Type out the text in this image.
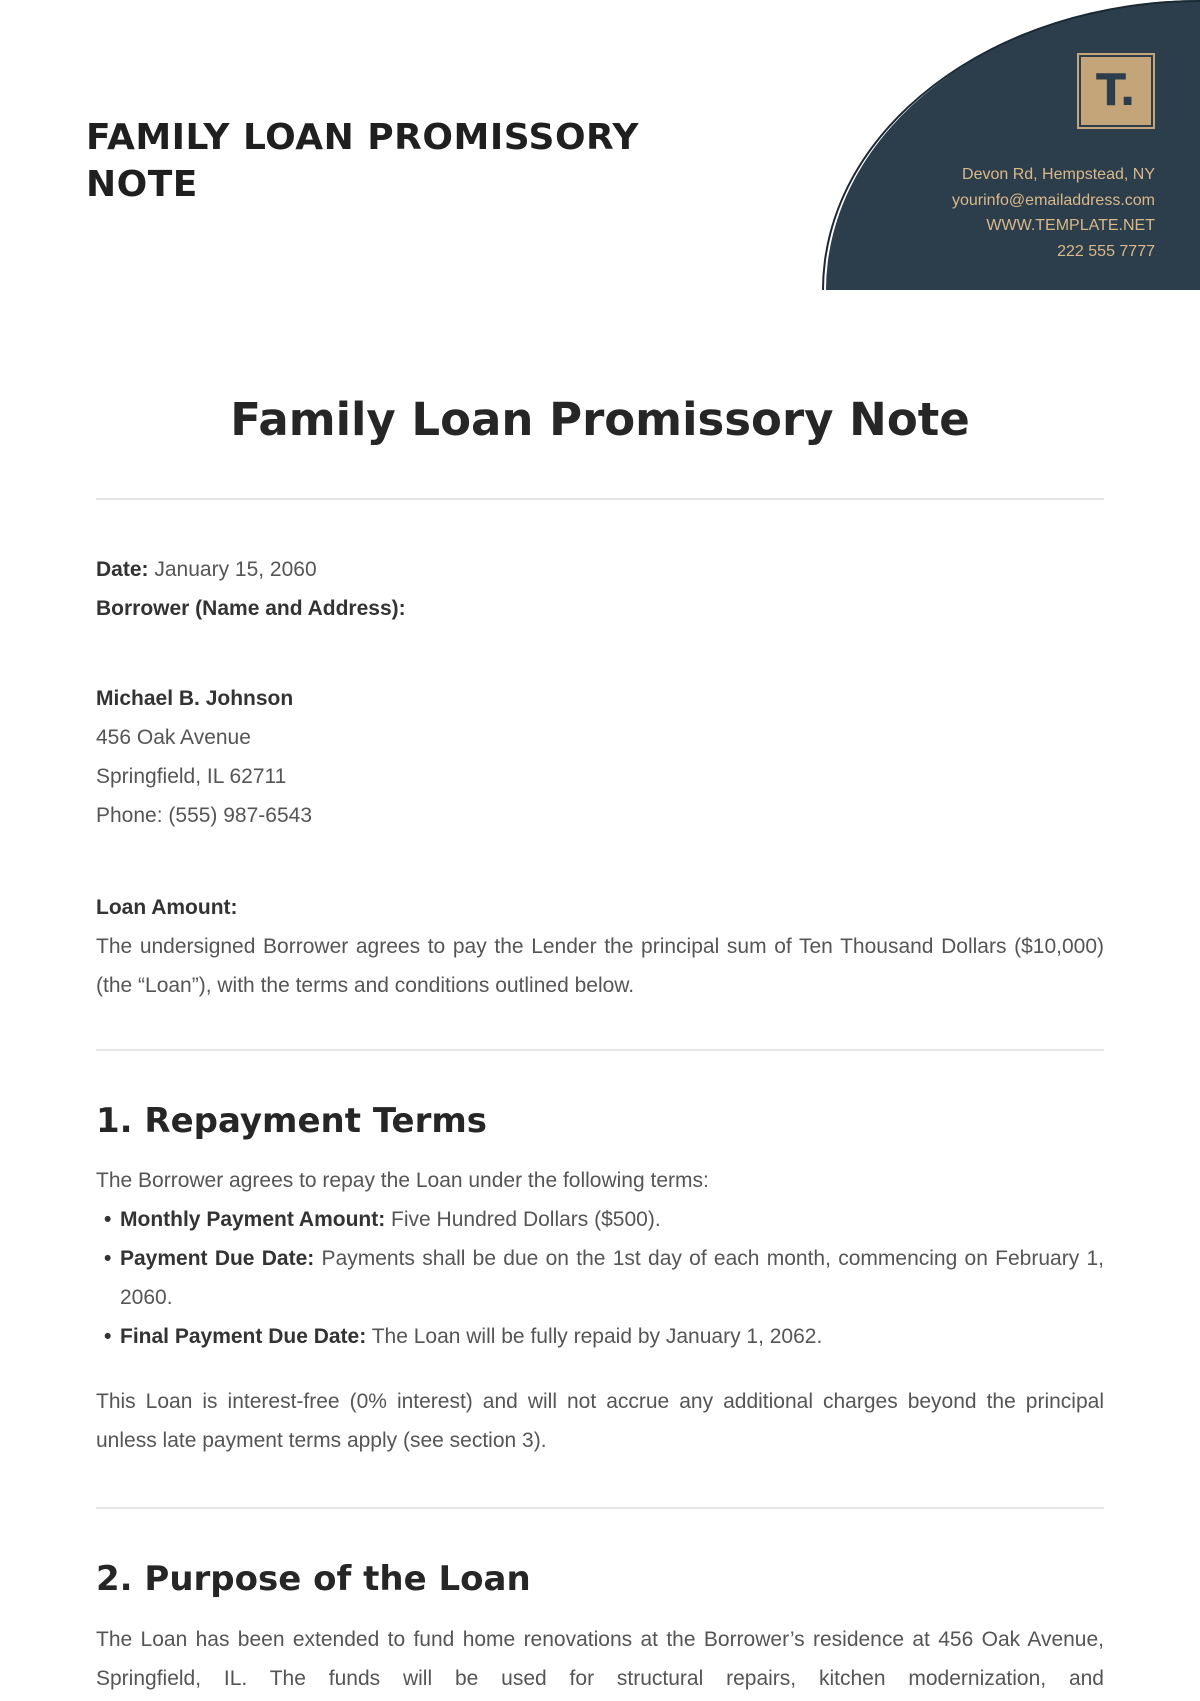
FAMILY LOAN PROMISSORY
NOTE
T.
Devon Rd, Hempstead, NY
yourinfo@emailaddress.com
WWW.TEMPLATE.NET
222 555 7777
Family Loan Promissory Note
Date: January 15, 2060
Borrower (Name and Address):
Michael B. Johnson
456 Oak Avenue
Springfield, IL 62711
Phone: (555) 987-6543
Loan Amount:

The undersigned Borrower agrees to pay the Lender the principal sum of Ten Thousand Dollars ($10,000) (the “Loan”), with the terms and conditions outlined below.

1. Repayment Terms
The Borrower agrees to repay the Loan under the following terms:
• Monthly Payment Amount: Five Hundred Dollars ($500).
• Payment Due Date: Payments shall be due on the 1st day of each month, commencing on February 1, 2060.
• Final Payment Due Date: The Loan will be fully repaid by January 1, 2062.

This Loan is interest-free (0% interest) and will not accrue any additional charges beyond the principal unless late payment terms apply (see section 3).

2. Purpose of the Loan

The Loan has been extended to fund home renovations at the Borrower’s residence at 456 Oak Avenue, Springfield, IL. The funds will be used for structural repairs, kitchen modernization, and
